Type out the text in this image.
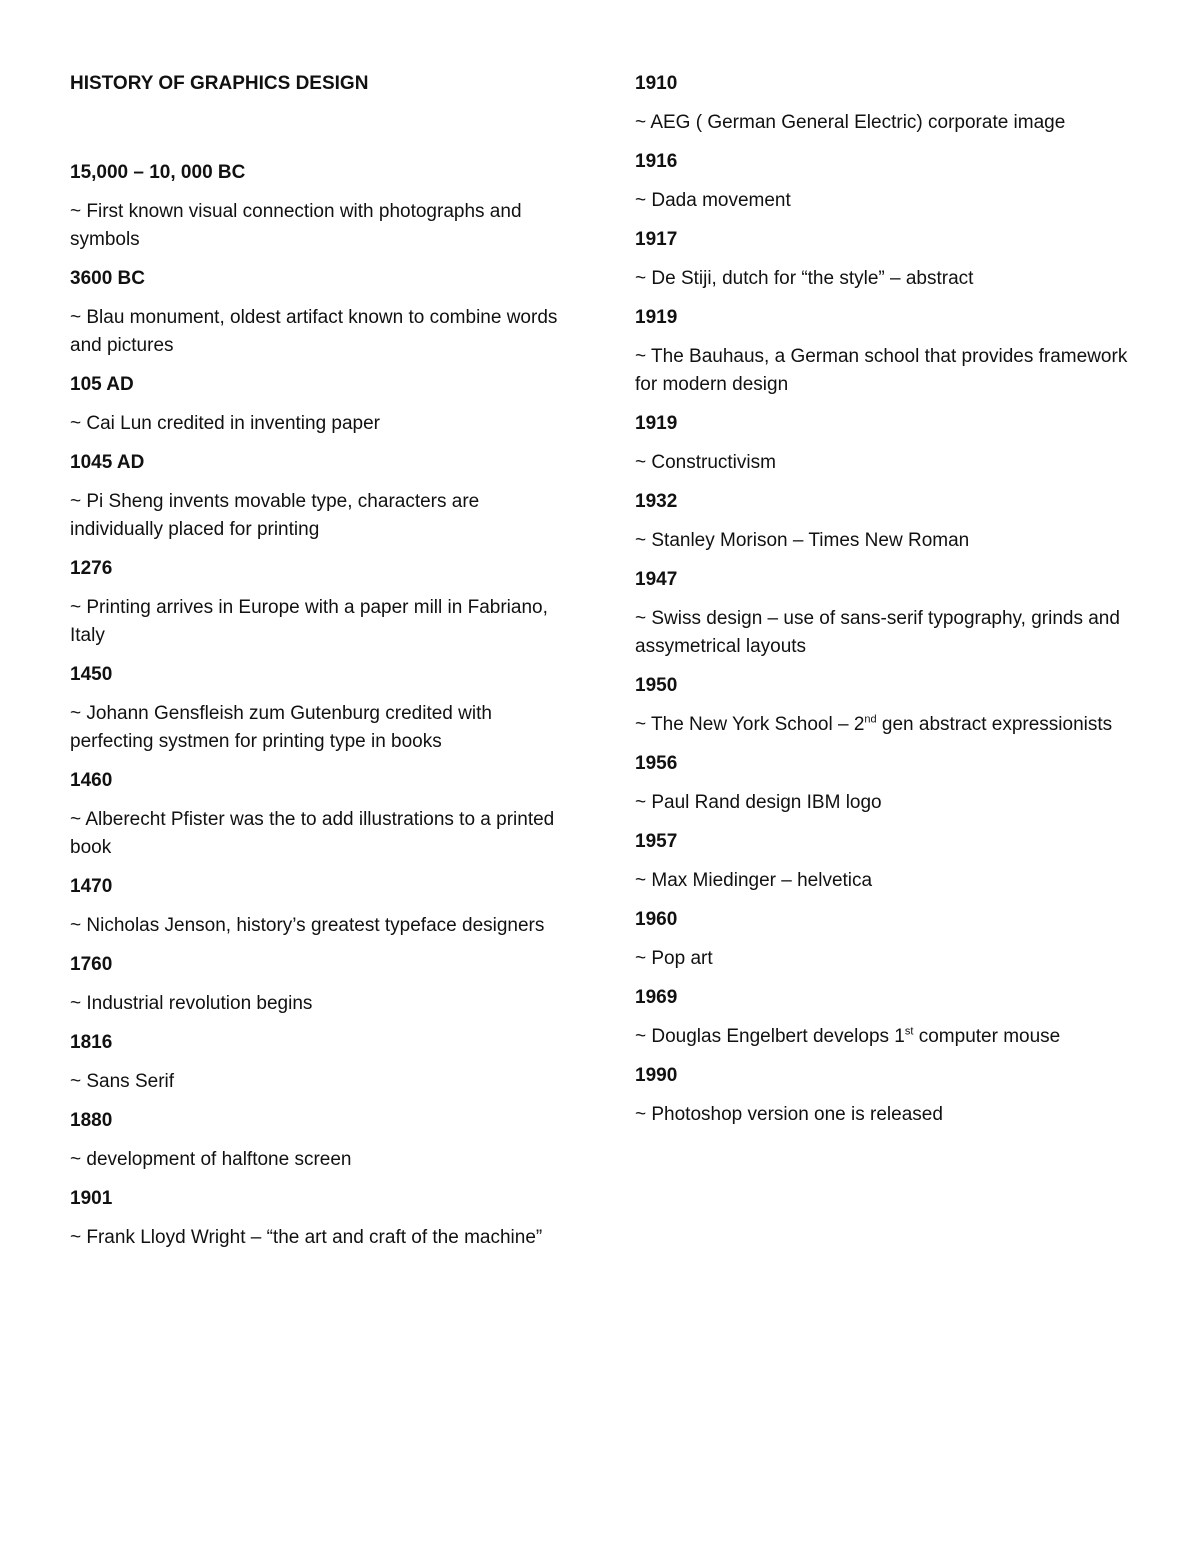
HISTORY OF GRAPHICS DESIGN
15,000 – 10, 000 BC
~ First known visual connection with photographs and symbols
3600 BC
~ Blau monument, oldest artifact known to combine words and pictures
105 AD
~ Cai Lun credited in inventing paper
1045 AD
~ Pi Sheng invents movable type, characters are individually placed for printing
1276
~ Printing arrives in Europe with a paper mill in Fabriano, Italy
1450
~ Johann Gensfleish zum Gutenburg credited with perfecting systmen for printing type in books
1460
~ Alberecht Pfister was the to add illustrations to a printed book
1470
~ Nicholas Jenson, history’s greatest typeface designers
1760
~ Industrial revolution begins
1816
~ Sans Serif
1880
~ development of halftone screen
1901
~ Frank Lloyd Wright – “the art and craft of the machine”
1910
~ AEG ( German General Electric) corporate image
1916
~ Dada movement
1917
~ De Stiji, dutch for “the style” – abstract
1919
~ The Bauhaus, a German school that provides framework for modern design
1919
~ Constructivism
1932
~ Stanley Morison – Times New Roman
1947
~ Swiss design – use of sans-serif typography, grinds and assymetrical layouts
1950
~ The New York School – 2nd gen abstract expressionists
1956
~ Paul Rand design IBM logo
1957
~ Max Miedinger – helvetica
1960
~ Pop art
1969
~ Douglas Engelbert develops 1st computer mouse
1990
~ Photoshop version one is released
